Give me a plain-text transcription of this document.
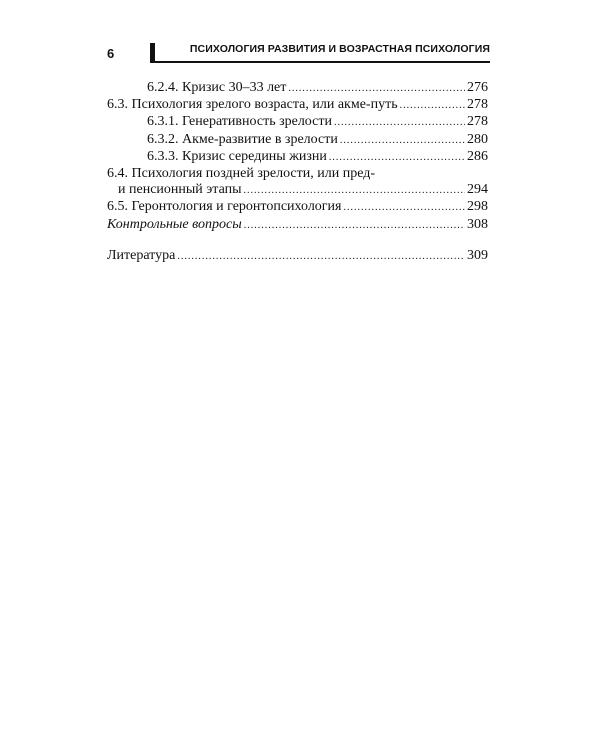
6	ПСИХОЛОГИЯ РАЗВИТИЯ И ВОЗРАСТНАЯ ПСИХОЛОГИЯ
6.2.4. Кризис 30–33 лет .....	276
6.3. Психология зрелого возраста, или акме-путь .....	278
6.3.1. Генеративность зрелости .....	278
6.3.2. Акме-развитие в зрелости .....	280
6.3.3. Кризис середины жизни .....	286
6.4. Психология поздней зрелости, или пред-
и пенсионный этапы .....	294
6.5. Геронтология и геронтопсихология .....	298
Контрольные вопросы .....	308
Литература .....	309
